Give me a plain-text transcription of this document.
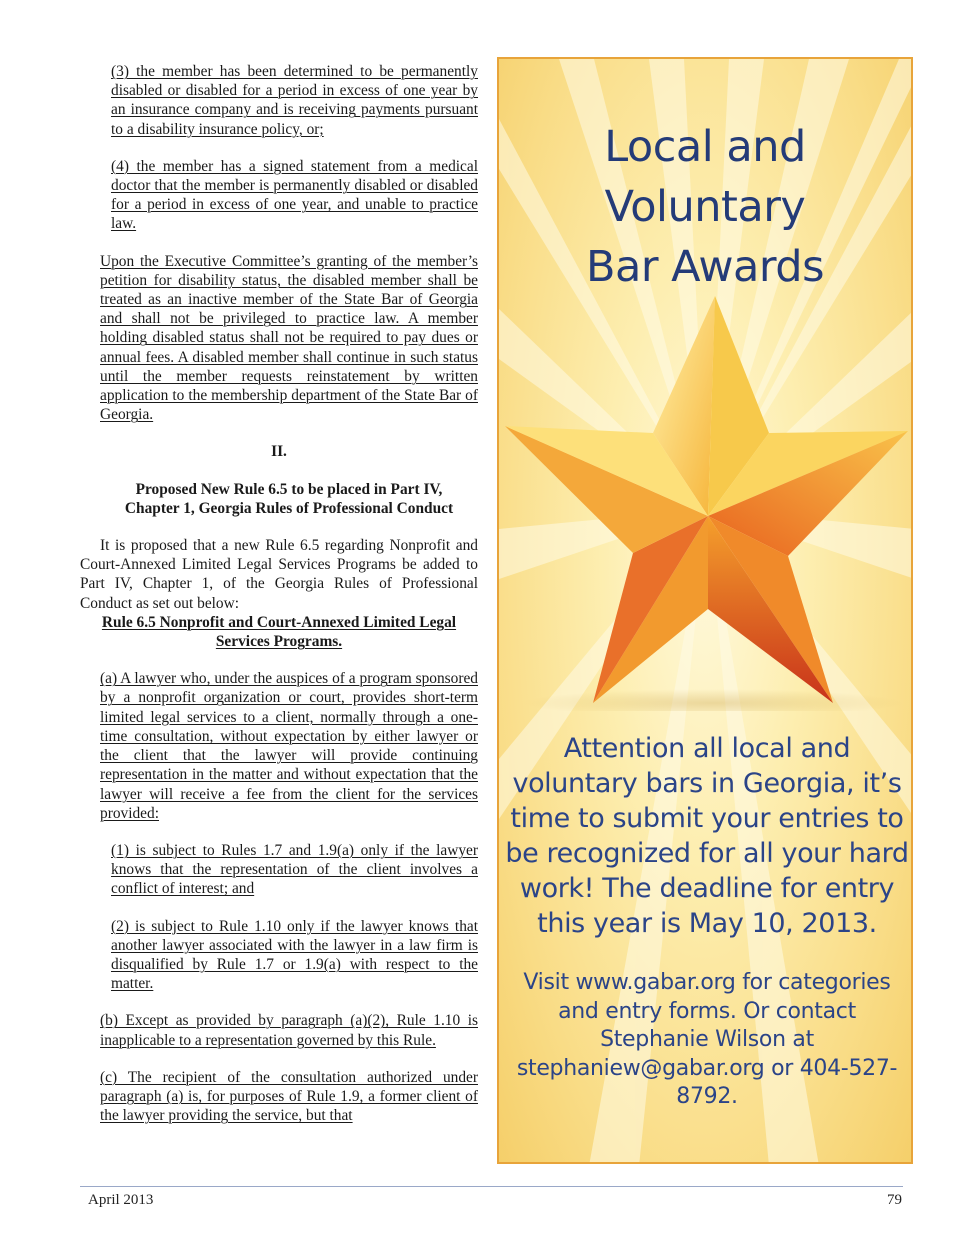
(3) the member has been determined to be permanently disabled or disabled for a period in excess of one year by an insurance company and is receiving payments pursuant to a disability insurance policy, or;

(4) the member has a signed statement from a medical doctor that the member is permanently disabled or disabled for a period in excess of one year, and unable to practice law.

Upon the Executive Committee’s granting of the member’s petition for disability status, the disabled member shall be treated as an inactive member of the State Bar of Georgia and shall not be privileged to practice law. A member holding disabled status shall not be required to pay dues or annual fees. A disabled member shall continue in such status until the member requests reinstatement by written application to the membership department of the State Bar of Georgia.

II.

Proposed New Rule 6.5 to be placed in Part IV,

Chapter 1, Georgia Rules of Professional Conduct

It is proposed that a new Rule 6.5 regarding Nonprofit and Court-Annexed Limited Legal Services Programs be added to Part IV, Chapter 1, of the Georgia Rules of Professional Conduct as set out below:

Rule 6.5 Nonprofit and Court-Annexed Limited Legal Services Programs.

(a) A lawyer who, under the auspices of a program sponsored by a nonprofit organization or court, provides short-term limited legal services to a client, normally through a one-time consultation, without expectation by either lawyer or the client that the lawyer will provide continuing representation in the matter and without expectation that the lawyer will receive a fee from the client for the services provided:

(1) is subject to Rules 1.7 and 1.9(a) only if the lawyer knows that the representation of the client involves a conflict of interest; and

(2) is subject to Rule 1.10 only if the lawyer knows that another lawyer associated with the lawyer in a law firm is disqualified by Rule 1.7 or 1.9(a) with respect to the matter.

(b) Except as provided by paragraph (a)(2), Rule 1.10 is inapplicable to a representation governed by this Rule.

(c) The recipient of the consultation authorized under paragraph (a) is, for purposes of Rule 1.9, a former client of the lawyer providing the service, but that

Local and Voluntary
Bar Awards
Attention all local and voluntary bars in Georgia, it’s time to submit your entries to be recognized for all your hard work! The deadline for entry this year is May 10, 2013.
Visit www.gabar.org for categories and entry forms. Or contact Stephanie Wilson at stephaniew@gabar.org or 404-527-8792.
April 2013	79
